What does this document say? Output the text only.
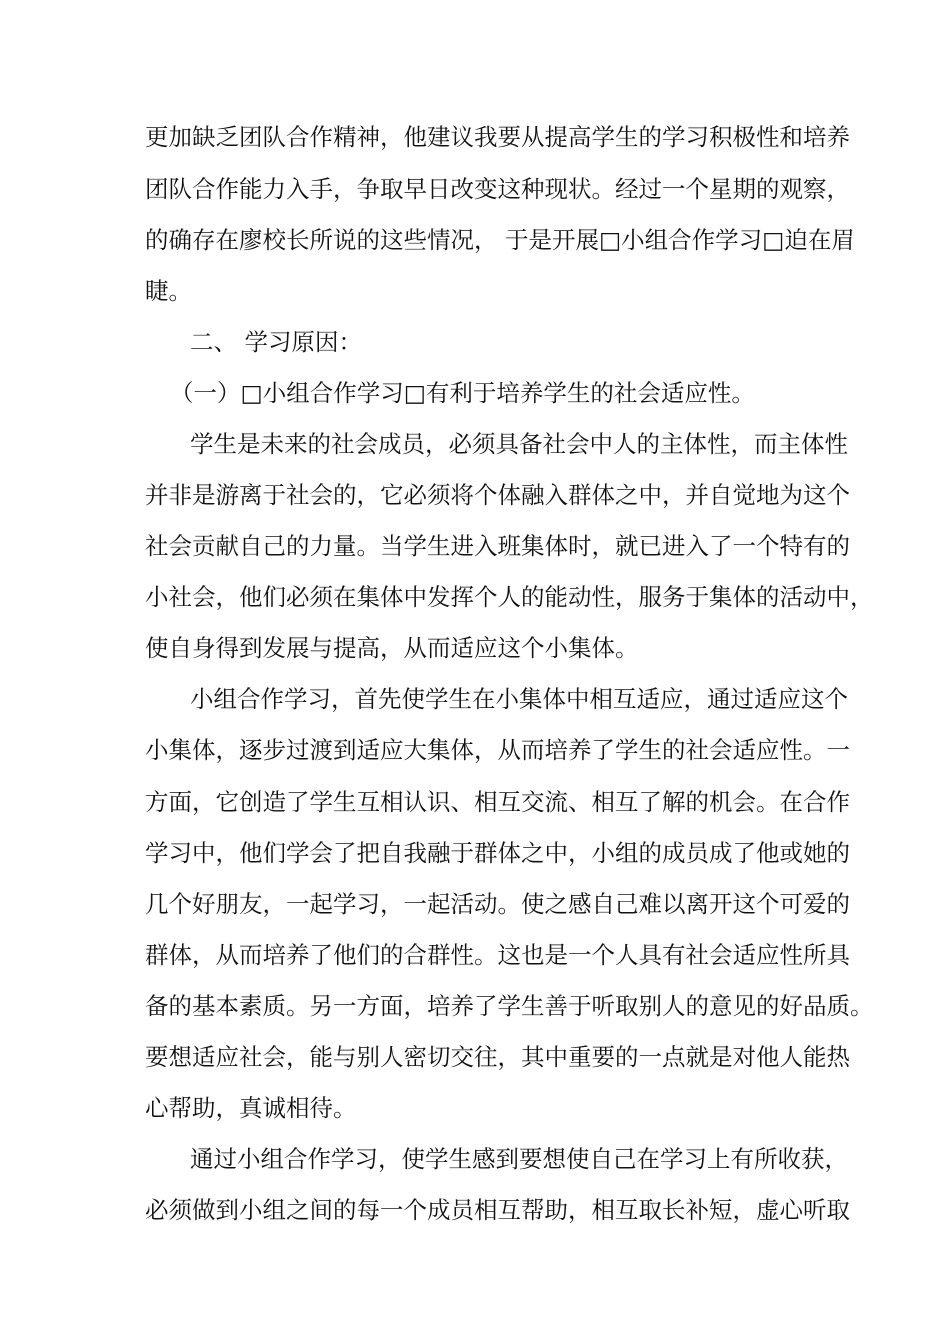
更加缺乏团队合作精神，他建议我要从提高学生的学习积极性和培养

团队合作能力入手，争取早日改变这种现状。经过一个星期的观察，

的确存在廖校长所说的这些情况， 于是开展□小组合作学习□迫在眉

睫。

二、 学习原因：

（一）□小组合作学习□有利于培养学生的社会适应性。

学生是未来的社会成员，必须具备社会中人的主体性，而主体性

并非是游离于社会的，它必须将个体融入群体之中，并自觉地为这个

社会贡献自己的力量。当学生进入班集体时，就已进入了一个特有的

小社会，他们必须在集体中发挥个人的能动性，服务于集体的活动中，

使自身得到发展与提高，从而适应这个小集体。

小组合作学习，首先使学生在小集体中相互适应，通过适应这个

小集体，逐步过渡到适应大集体，从而培养了学生的社会适应性。一

方面，它创造了学生互相认识、相互交流、相互了解的机会。在合作

学习中，他们学会了把自我融于群体之中，小组的成员成了他或她的

几个好朋友，一起学习，一起活动。使之感自己难以离开这个可爱的

群体，从而培养了他们的合群性。这也是一个人具有社会适应性所具

备的基本素质。另一方面，培养了学生善于听取别人的意见的好品质。

要想适应社会，能与别人密切交往，其中重要的一点就是对他人能热

心帮助，真诚相待。

通过小组合作学习，使学生感到要想使自己在学习上有所收获，

必须做到小组之间的每一个成员相互帮助，相互取长补短，虚心听取
